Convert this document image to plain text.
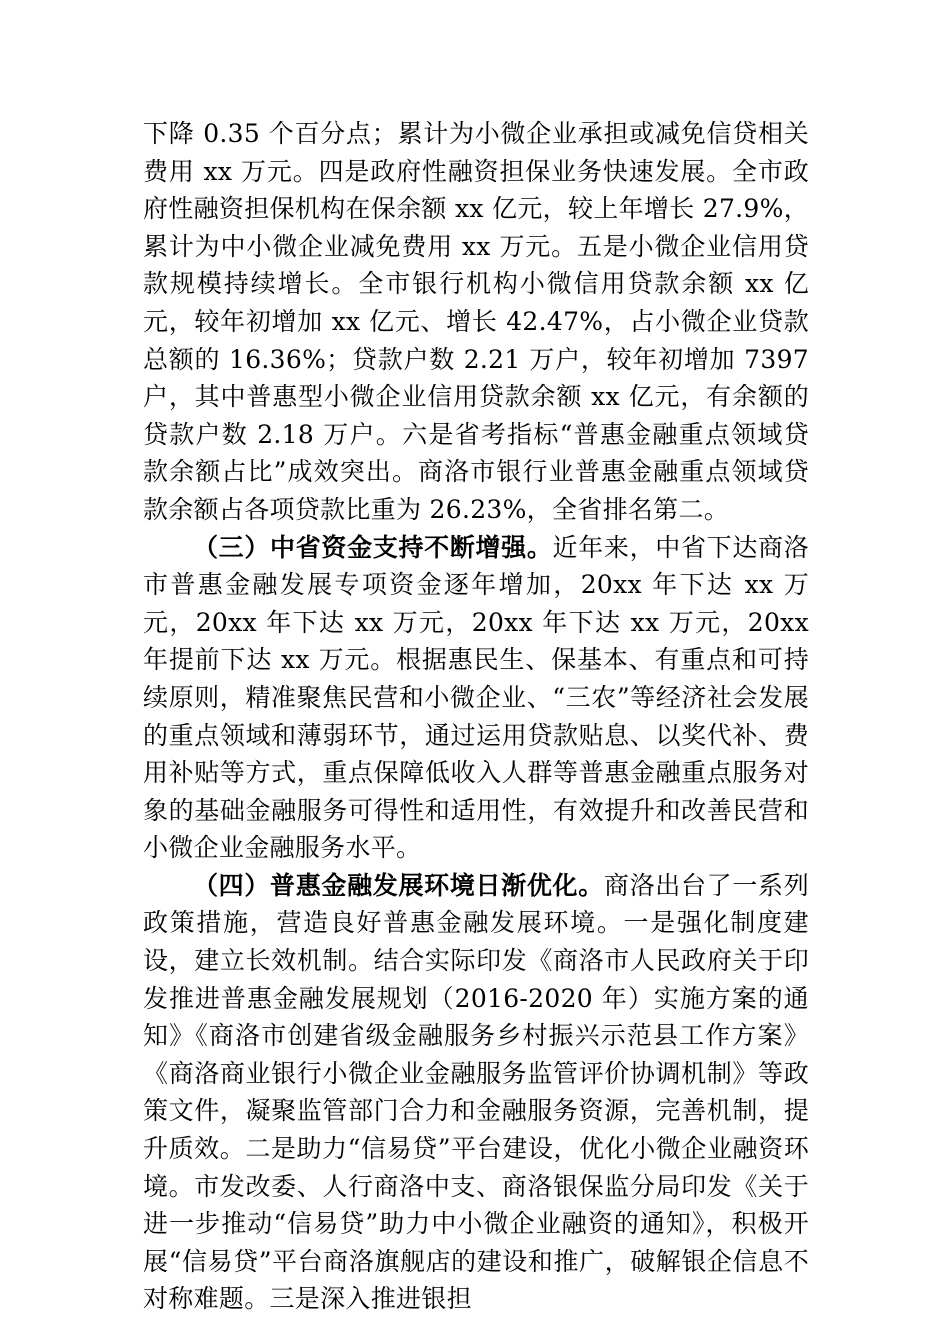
下降 0.35 个百分点；累计为小微企业承担或减免信贷相关费用 xx 万元。四是政府性融资担保业务快速发展。全市政府性融资担保机构在保余额 xx 亿元，较上年增长 27.9%，累计为中小微企业减免费用 xx 万元。五是小微企业信用贷款规模持续增长。全市银行机构小微信用贷款余额 xx 亿元，较年初增加 xx 亿元、增长 42.47%，占小微企业贷款总额的 16.36%；贷款户数 2.21 万户，较年初增加 7397 户，其中普惠型小微企业信用贷款余额 xx 亿元，有余额的贷款户数 2.18 万户。六是省考指标“普惠金融重点领域贷款余额占比”成效突出。商洛市银行业普惠金融重点领域贷款余额占各项贷款比重为 26.23%，全省排名第二。

（三）中省资金支持不断增强。近年来，中省下达商洛市普惠金融发展专项资金逐年增加，20xx 年下达 xx 万元，20xx 年下达 xx 万元，20xx 年下达 xx 万元，20xx 年提前下达 xx 万元。根据惠民生、保基本、有重点和可持续原则，精准聚焦民营和小微企业、“三农”等经济社会发展的重点领域和薄弱环节，通过运用贷款贴息、以奖代补、费用补贴等方式，重点保障低收入人群等普惠金融重点服务对象的基础金融服务可得性和适用性，有效提升和改善民营和小微企业金融服务水平。

（四）普惠金融发展环境日渐优化。商洛出台了一系列政策措施，营造良好普惠金融发展环境。一是强化制度建设，建立长效机制。结合实际印发《商洛市人民政府关于印发推进普惠金融发展规划（2016-2020 年）实施方案的通知》《商洛市创建省级金融服务乡村振兴示范县工作方案》《商洛商业银行小微企业金融服务监管评价协调机制》等政策文件，凝聚监管部门合力和金融服务资源，完善机制，提升质效。二是助力“信易贷”平台建设，优化小微企业融资环境。市发改委、人行商洛中支、商洛银保监分局印发《关于进一步推动“信易贷”助力中小微企业融资的通知》，积极开展“信易贷”平台商洛旗舰店的建设和推广，破解银企信息不对称难题。三是深入推进银担
